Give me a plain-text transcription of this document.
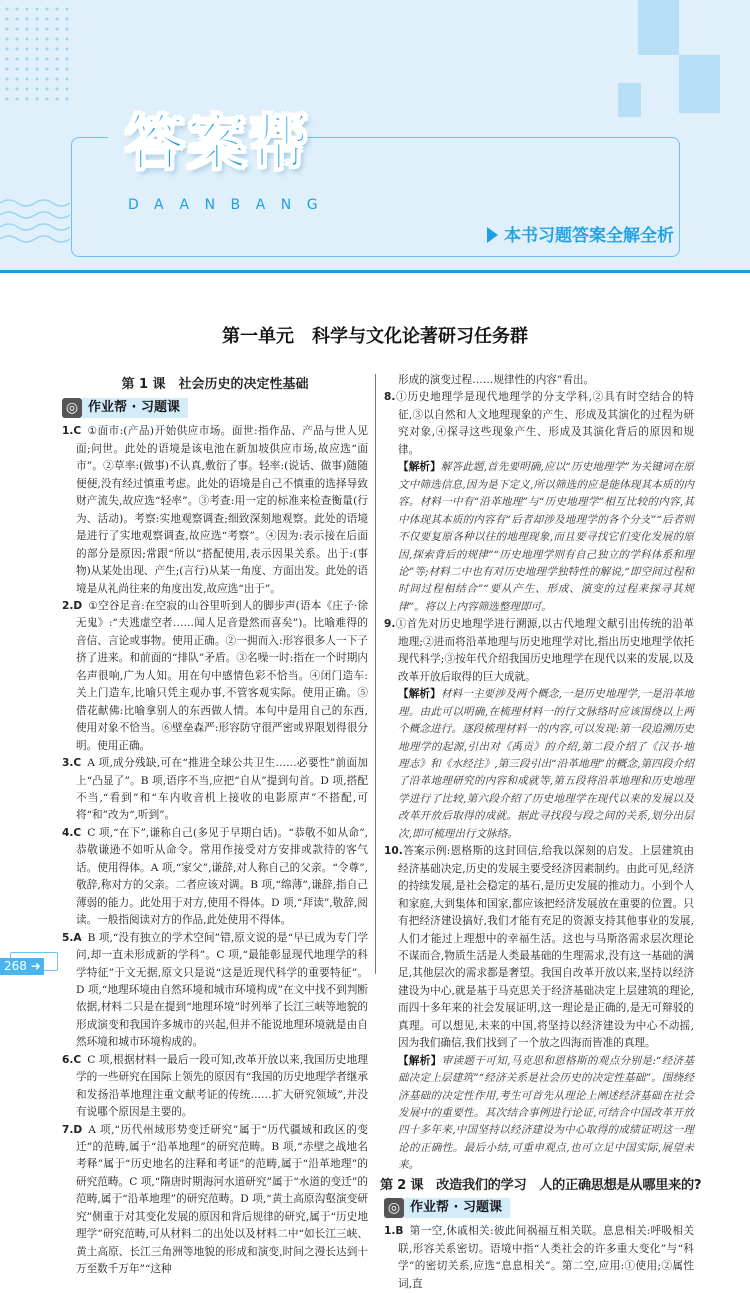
答案帮
DAANBANG
本书习题答案全解全析
第一单元　科学与文化论著研习任务群
第 1 课　社会历史的决定性基础
◎ 作业帮 · 习题课

1.C ①面市:(产品)开始供应市场。面世:指作品、产品与世人见面;问世。此处的语境是该电池在新加坡供应市场,故应选“面市”。②草率:(做事)不认真,敷衍了事。轻率:(说话、做事)随随便便,没有经过慎重考虑。此处的语境是自己不慎重的选择导致财产流失,故应选“轻率”。③考查:用一定的标准来检查衡量(行为、活动)。考察:实地观察调查;细致深刻地观察。此处的语境是进行了实地观察调查,故应选“考察”。④因为:表示接在后面的部分是原因;常跟“所以”搭配使用,表示因果关系。出于:(事物)从某处出现、产生;(言行)从某一角度、方面出发。此处的语境是从礼尚往来的角度出发,故应选“出于”。

2.D ①空谷足音:在空寂的山谷里听到人的脚步声(语本《庄子·徐无鬼》:“夫逃虚空者……闻人足音跫然而喜矣”)。比喻难得的音信、言论或事物。使用正确。②一拥而入:形容很多人一下子挤了进来。和前面的“排队”矛盾。③名噪一时:指在一个时期内名声很响,广为人知。用在句中感情色彩不恰当。④闭门造车:关上门造车,比喻只凭主观办事,不管客观实际。使用正确。⑤借花献佛:比喻拿别人的东西做人情。本句中是用自己的东西,使用对象不恰当。⑥壁垒森严:形容防守很严密或界限划得很分明。使用正确。

3.C A 项,成分残缺,可在“推进全球公共卫生……必要性”前面加上“凸显了”。B 项,语序不当,应把“自从”提到句首。D 项,搭配不当,“看到”和“车内收音机上接收的电影原声”不搭配,可将“和”改为“,听到”。

4.C C 项,“在下”,谦称自己(多见于早期白话)。“恭敬不如从命”,恭敬谦逊不如听从命令。常用作接受对方安排或款待的客气话。使用得体。A 项,“家父”,谦辞,对人称自己的父亲。“令尊”,敬辞,称对方的父亲。二者应该对调。B 项,“绵薄”,谦辞,指自己薄弱的能力。此处用于对方,使用不得体。D 项,“拜读”,敬辞,阅读。一般指阅读对方的作品,此处使用不得体。

5.A B 项,“没有独立的学术空间”错,原文说的是“早已成为专门学问,却一直未形成新的学科”。C 项,“最能彰显现代地理学的科学特征”于文无据,原文只是说“这是近现代科学的重要特征”。D 项,“地理环境由自然环境和城市环境构成”在文中找不到判断依据,材料二只是在提到“地理环境”时列举了长江三峡等地貌的形成演变和我国许多城市的兴起,但并不能说地理环境就是由自然环境和城市环境构成的。

6.C C 项,根据材料一最后一段可知,改革开放以来,我国历史地理学的一些研究在国际上领先的原因有“我国的历史地理学者继承和发扬沿革地理注重文献考证的传统……扩大研究领域”,并没有说哪个原因是主要的。

7.D A 项,“历代州域形势变迁研究”属于“历代疆域和政区的变迁”的范畴,属于“沿革地理”的研究范畴。B 项,“赤壁之战地名考释”属于“历史地名的注释和考证”的范畴,属于“沿革地理”的研究范畴。C 项,“隋唐时期海河水道研究”属于“水道的变迁”的范畴,属于“沿革地理”的研究范畴。D 项,“黄土高原沟壑演变研究”侧重于对其变化发展的原因和背后规律的研究,属于“历史地理学”研究范畴,可从材料二的出处以及材料二中“如长江三峡、黄土高原、长江三角洲等地貌的形成和演变,时间之漫长达到十万至数千万年”“这种

形成的演变过程……规律性的内容”看出。

8.①历史地理学是现代地理学的分支学科,②具有时空结合的特征,③以自然和人文地理现象的产生、形成及其演化的过程为研究对象,④探寻这些现象产生、形成及其演化背后的原因和规律。

【解析】解答此题,首先要明确,应以“历史地理学”为关键词在原文中筛选信息,因为是下定义,所以筛选的应是能体现其本质的内容。材料一中有“沿革地理”与“历史地理学”相互比较的内容,其中体现其本质的内容有“后者却涉及地理学的各个分支”“后者则不仅要复原各种以往的地理现象,而且要寻找它们变化发展的原因,探索背后的规律”“历史地理学则有自己独立的学科体系和理论”等;材料二中也有对历史地理学独特性的解说,“即空间过程和时间过程相结合”“要从产生、形成、演变的过程来探寻其规律”。将以上内容筛选整理即可。

9.①首先对历史地理学进行溯源,以古代地理文献引出传统的沿革地理;②进而将沿革地理与历史地理学对比,指出历史地理学依托现代科学;③按年代介绍我国历史地理学在现代以来的发展,以及改革开放后取得的巨大成就。

【解析】材料一主要涉及两个概念,一是历史地理学,一是沿革地理。由此可以明确,在梳理材料一的行文脉络时应该围绕以上两个概念进行。逐段梳理材料一的内容,可以发现:第一段追溯历史地理学的起源,引出对《禹贡》的介绍,第二段介绍了《汉书·地理志》和《水经注》,第三段引出“沿革地理”的概念,第四段介绍了沿革地理研究的内容和成就等,第五段将沿革地理和历史地理学进行了比较,第六段介绍了历史地理学在现代以来的发展以及改革开放后取得的成就。据此寻找段与段之间的关系,划分出层次,即可梳理出行文脉络。

10.答案示例:恩格斯的这封回信,给我以深刻的启发。上层建筑由经济基础决定,历史的发展主要受经济因素制约。由此可见,经济的持续发展,是社会稳定的基石,是历史发展的推动力。小到个人和家庭,大到集体和国家,都应该把经济发展放在重要的位置。只有把经济建设搞好,我们才能有充足的资源支持其他事业的发展,人们才能过上理想中的幸福生活。这也与马斯洛需求层次理论不谋而合,物质生活是人类最基础的生理需求,没有这一基础的满足,其他层次的需求都是奢望。我国自改革开放以来,坚持以经济建设为中心,就是基于马克思关于经济基础决定上层建筑的理论,而四十多年来的社会发展证明,这一理论是正确的,是无可辩驳的真理。可以想见,未来的中国,将坚持以经济建设为中心不动摇,因为我们确信,我们找到了一个放之四海而皆准的真理。

【解析】审读题干可知,马克思和恩格斯的观点分别是:“经济基础决定上层建筑”“经济关系是社会历史的决定性基础”。围绕经济基础的决定性作用,考生可首先从理论上阐述经济基础在社会发展中的重要性。其次结合事例进行论证,可结合中国改革开放四十多年来,中国坚持以经济建设为中心取得的成绩证明这一理论的正确性。最后小结,可重申观点,也可立足中国实际,展望未来。

第 2 课　改造我们的学习　人的正确思想是从哪里来的?
◎ 作业帮 · 习题课

1.B 第一空,休戚相关:彼此间祸福互相关联。息息相关:呼吸相关联,形容关系密切。语境中指“人类社会的许多重大变化”与“科学”的密切关系,应选“息息相关”。第二空,应用:①使用;②属性词,直

268 ➜
